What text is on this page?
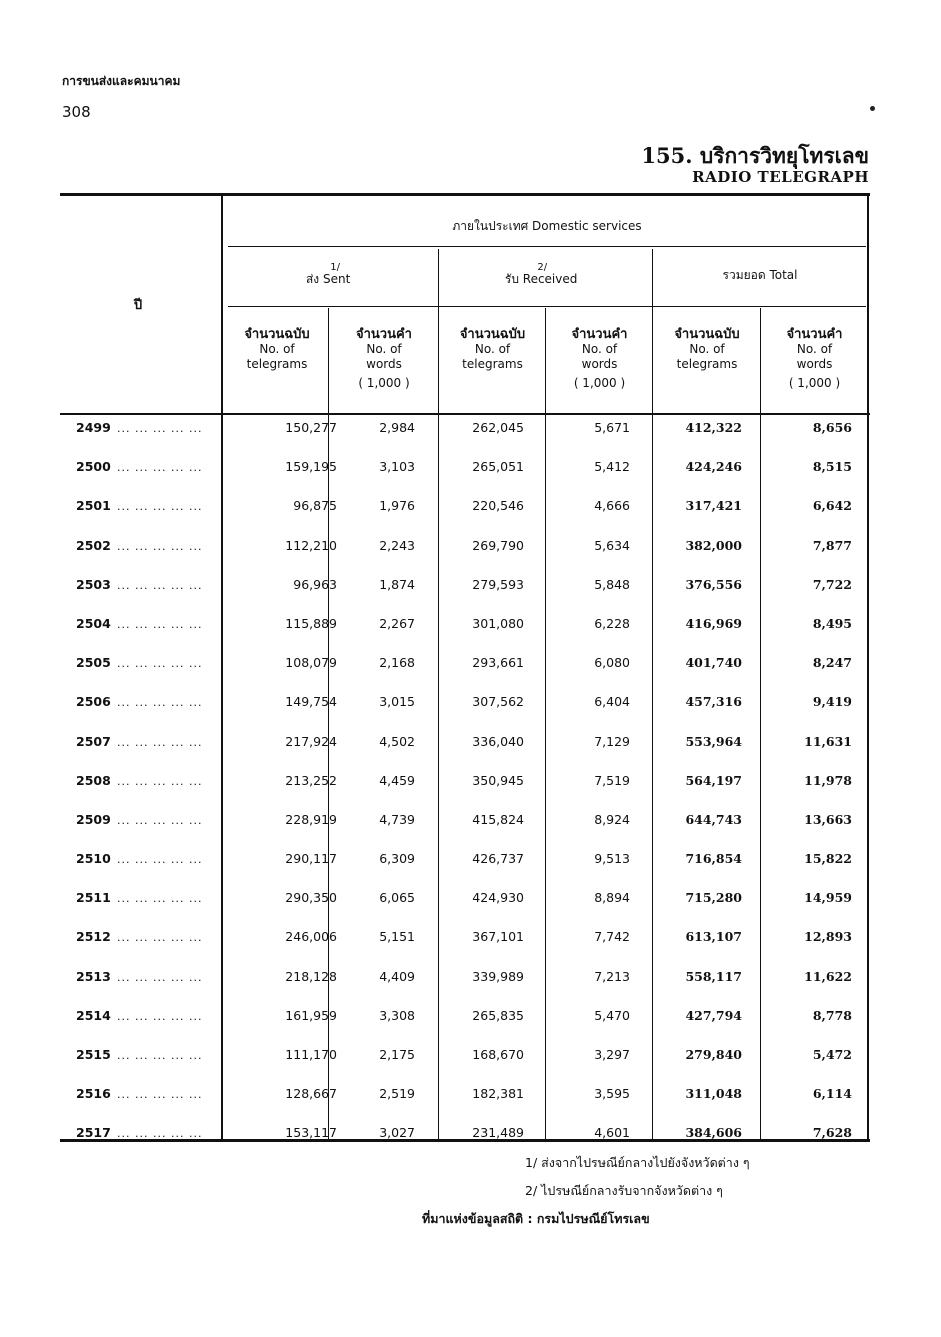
การขนส่งและคมนาคม
308
155. บริการวิทยุโทรเลข
RADIO TELEGRAPH
ปี
ภายในประเทศ Domestic services
ส่ง Sent$^{1/}$
รับ Received$^{2/}$
รวมยอด Total
จำนวนฉบับ
No. of
telegrams
จำนวนคำ
No. of
words
( 1,000 )
จำนวนฉบับ
No. of
telegrams
จำนวนคำ
No. of
words
( 1,000 )
จำนวนฉบับ
No. of
telegrams
จำนวนคำ
No. of
words
( 1,000 )
2499 ... ... ... ... ...	150,277	2,984	262,045	5,671	412,322	8,656
2500 ... ... ... ... ...	159,195	3,103	265,051	5,412	424,246	8,515
2501 ... ... ... ... ...	96,875	1,976	220,546	4,666	317,421	6,642
2502 ... ... ... ... ...	112,210	2,243	269,790	5,634	382,000	7,877
2503 ... ... ... ... ...	96,963	1,874	279,593	5,848	376,556	7,722
2504 ... ... ... ... ...	115,889	2,267	301,080	6,228	416,969	8,495
2505 ... ... ... ... ...	108,079	2,168	293,661	6,080	401,740	8,247
2506 ... ... ... ... ...	149,754	3,015	307,562	6,404	457,316	9,419
2507 ... ... ... ... ...	217,924	4,502	336,040	7,129	553,964	11,631
2508 ... ... ... ... ...	213,252	4,459	350,945	7,519	564,197	11,978
2509 ... ... ... ... ...	228,919	4,739	415,824	8,924	644,743	13,663
2510 ... ... ... ... ...	290,117	6,309	426,737	9,513	716,854	15,822
2511 ... ... ... ... ...	290,350	6,065	424,930	8,894	715,280	14,959
2512 ... ... ... ... ...	246,006	5,151	367,101	7,742	613,107	12,893
2513 ... ... ... ... ...	218,128	4,409	339,989	7,213	558,117	11,622
2514 ... ... ... ... ...	161,959	3,308	265,835	5,470	427,794	8,778
2515 ... ... ... ... ...	111,170	2,175	168,670	3,297	279,840	5,472
2516 ... ... ... ... ...	128,667	2,519	182,381	3,595	311,048	6,114
2517 ... ... ... ... ...	153,117	3,027	231,489	4,601	384,606	7,628
1/ ส่งจากไปรษณีย์กลางไปยังจังหวัดต่าง ๆ
2/ ไปรษณีย์กลางรับจากจังหวัดต่าง ๆ
ที่มาแห่งข้อมูลสถิติ : กรมไปรษณีย์โทรเลข
